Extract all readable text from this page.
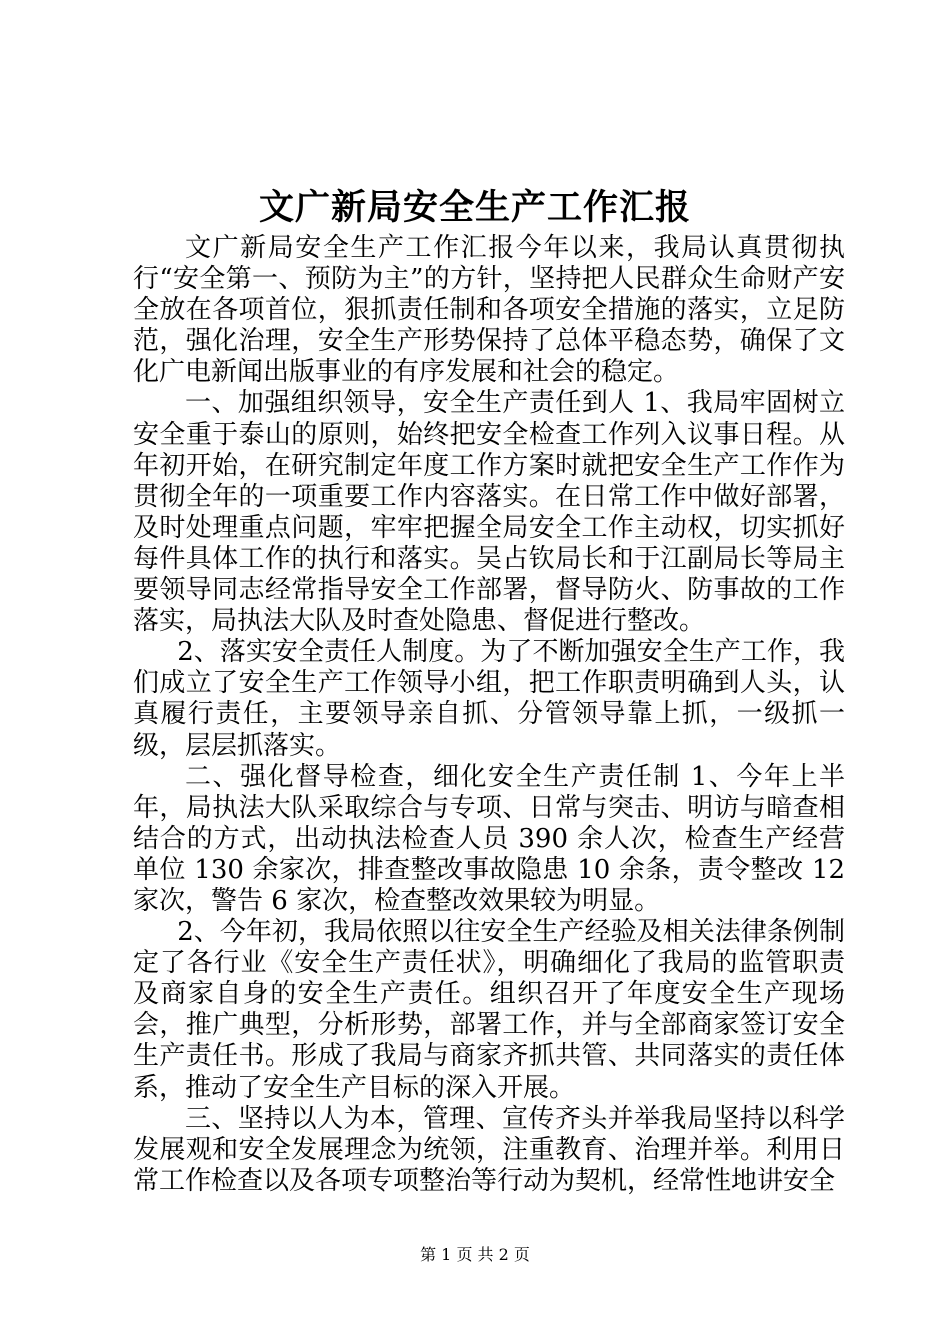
文广新局安全生产工作汇报

文广新局安全生产工作汇报今年以来，我局认真贯彻执行“安全第一、预防为主”的方针，坚持把人民群众生命财产安全放在各项首位，狠抓责任制和各项安全措施的落实，立足防范，强化治理，安全生产形势保持了总体平稳态势，确保了文化广电新闻出版事业的有序发展和社会的稳定。

一、加强组织领导，安全生产责任到人 1、我局牢固树立安全重于泰山的原则，始终把安全检查工作列入议事日程。从年初开始，在研究制定年度工作方案时就把安全生产工作作为贯彻全年的一项重要工作内容落实。在日常工作中做好部署，及时处理重点问题，牢牢把握全局安全工作主动权，切实抓好每件具体工作的执行和落实。吴占钦局长和于江副局长等局主要领导同志经常指导安全工作部署，督导防火、防事故的工作落实，局执法大队及时查处隐患、督促进行整改。

2、落实安全责任人制度。为了不断加强安全生产工作，我们成立了安全生产工作领导小组，把工作职责明确到人头，认真履行责任，主要领导亲自抓、分管领导靠上抓，一级抓一级，层层抓落实。

二、强化督导检查，细化安全生产责任制 1、今年上半年，局执法大队采取综合与专项、日常与突击、明访与暗查相结合的方式，出动执法检查人员 390 余人次，检查生产经营单位 130 余家次，排查整改事故隐患 10 余条，责令整改 12 家次，警告 6 家次，检查整改效果较为明显。

2、今年初，我局依照以往安全生产经验及相关法律条例制定了各行业《安全生产责任状》，明确细化了我局的监管职责及商家自身的安全生产责任。组织召开了年度安全生产现场会，推广典型，分析形势，部署工作，并与全部商家签订安全生产责任书。形成了我局与商家齐抓共管、共同落实的责任体系，推动了安全生产目标的深入开展。

三、坚持以人为本，管理、宣传齐头并举我局坚持以科学发展观和安全发展理念为统领，注重教育、治理并举。利用日常工作检查以及各项专项整治等行动为契机，经常性地讲安全

第 1 页 共 2 页
